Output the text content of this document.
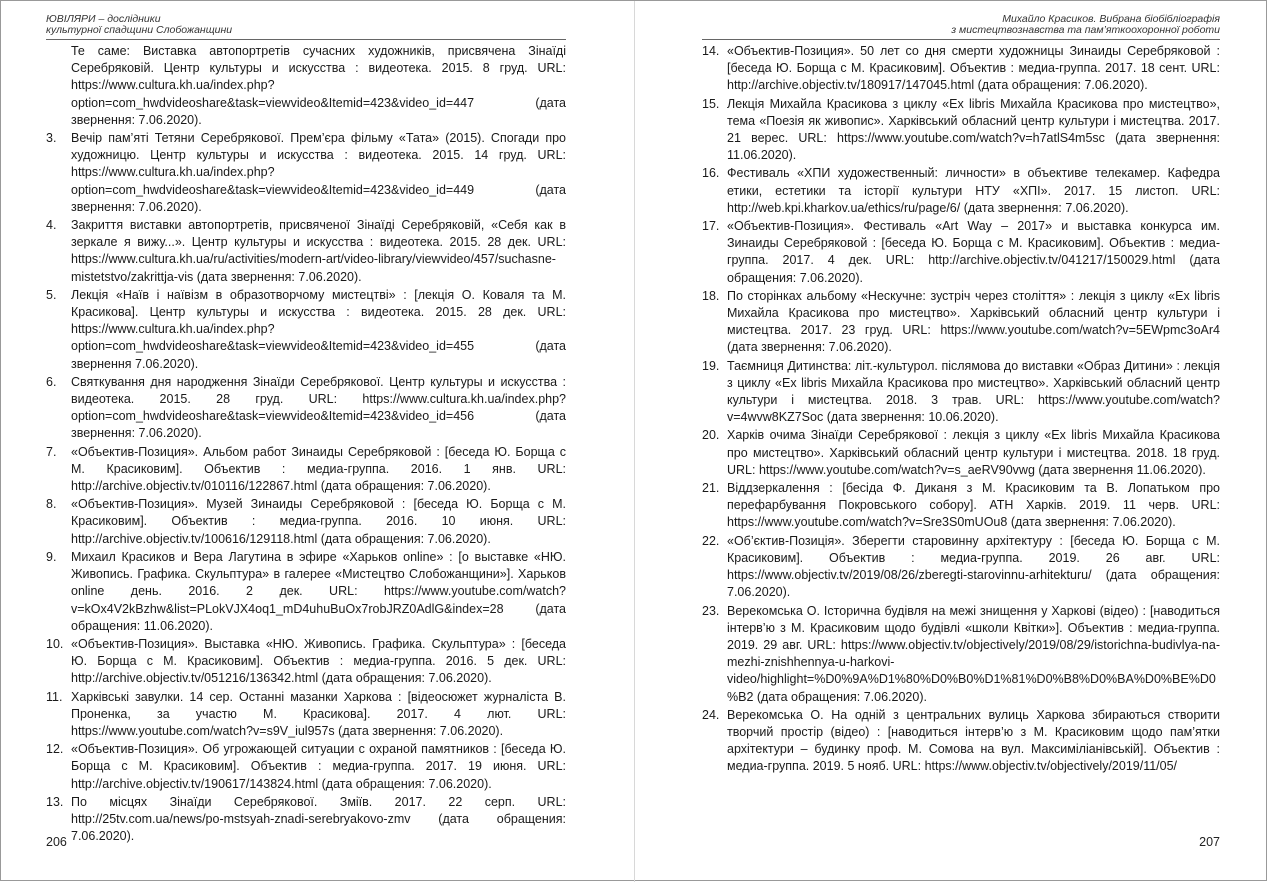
ЮВІЛЯРИ – дослідники
культурної спадщини Слобожанщини
Те саме: Виставка автопортретів сучасних художників, присвячена Зінаїді Серебряковій. Центр культуры и искусства : видеотека. 2015. 8 груд. URL: https://www.cultura.kh.ua/index.php?option=com_hwdvideoshare&task=viewvideo&Itemid=423&video_id=447 (дата звернення: 7.06.2020).
3. Вечір пам’яті Тетяни Серебрякової. Прем’єра фільму «Тата» (2015). Спогади про художницю. Центр культуры и искусства : видеотека. 2015. 14 груд. URL: https://www.cultura.kh.ua/index.php?option=com_hwdvideoshare&task=viewvideo&Itemid=423&video_id=449 (дата звернення: 7.06.2020).
4. Закриття виставки автопортретів, присвяченої Зінаїді Серебряковій, «Себя как в зеркале я вижу...». Центр культуры и искусства : видеотека. 2015. 28 дек. URL: https://www.cultura.kh.ua/ru/activities/modern-art/video-library/viewvideo/457/suchasne-mistetstvo/zakrittja-vis (дата звернення: 7.06.2020).
5. Лекція «Наїв і наївізм в образотворчому мистецтві» : [лекція О. Коваля та М. Красикова]. Центр культуры и искусства : видеотека. 2015. 28 дек. URL: https://www.cultura.kh.ua/index.php?option=com_hwdvideoshare&task=viewvideo&Itemid=423&video_id=455 (дата звернення 7.06.2020).
6. Святкування дня народження Зінаїди Серебрякової. Центр культуры и искусства : видеотека. 2015. 28 груд. URL: https://www.cultura.kh.ua/index.php?option=com_hwdvideoshare&task=viewvideo&Itemid=423&video_id=456 (дата звернення: 7.06.2020).
7. «Объектив-Позиция». Альбом работ Зинаиды Серебряковой : [беседа Ю. Борща с М. Красиковим]. Объектив : медиа-группа. 2016. 1 янв. URL: http://archive.objectiv.tv/010116/122867.html (дата обращения: 7.06.2020).
8. «Объектив-Позиция». Музей Зинаиды Серебряковой : [беседа Ю. Борща с М. Красиковим]. Объектив : медиа-группа. 2016. 10 июня. URL: http://archive.objectiv.tv/100616/129118.html (дата обращения: 7.06.2020).
9. Михаил Красиков и Вера Лагутина в эфире «Харьков online» : [о выставке «НЮ. Живопись. Графика. Скульптура» в галерее «Мистецтво Слобожанщини»]. Харьков online день. 2016. 2 дек. URL: https://www.youtube.com/watch?v=kOx4V2kBzhw&list=PLokVJX4oq1_mD4uhuBuOx7robJRZ0AdlG&index=28 (дата обращения: 11.06.2020).
10. «Объектив-Позиция». Выставка «НЮ. Живопись. Графика. Скульптура» : [беседа Ю. Борща с М. Красиковим]. Объектив : медиа-группа. 2016. 5 дек. URL: http://archive.objectiv.tv/051216/136342.html (дата обращения: 7.06.2020).
11. Харківські завулки. 14 сер. Останні мазанки Харкова : [відеосюжет журналіста В. Проненка, за участю М. Красикова]. 2017. 4 лют. URL: https://www.youtube.com/watch?v=s9V_iul957s (дата звернення: 7.06.2020).
12. «Объектив-Позиция». Об угрожающей ситуации с охраной памятников : [беседа Ю. Борща с М. Красиковим]. Объектив : медиа-группа. 2017. 19 июня. URL: http://archive.objectiv.tv/190617/143824.html (дата обращения: 7.06.2020).
13. По місцях Зінаїди Серебрякової. Зміїв. 2017. 22 серп. URL: http://25tv.com.ua/news/po-mstsyah-znadi-serebryakovo-zmv (дата обращения: 7.06.2020).
206
Михайло Красиков. Вибрана біобібліографія
з мистецтвознавства та пам’яткоохоронної роботи
14. «Объектив-Позиция». 50 лет со дня смерти художницы Зинаиды Серебряковой : [беседа Ю. Борща с М. Красиковим]. Объектив : медиа-группа. 2017. 18 сент. URL: http://archive.objectiv.tv/180917/147045.html (дата обращения: 7.06.2020).
15. Лекція Михайла Красикова з циклу «Ex libris Михайла Красикова про мистецтво», тема «Поезія як живопис». Харківський обласний центр культури і мистецтва. 2017. 21 верес. URL: https://www.youtube.com/watch?v=h7atlS4m5sc (дата звернення: 11.06.2020).
16. Фестиваль «ХПИ художественный: личности» в объективе телекамер. Кафедра етики, естетики та історії культури НТУ «ХПІ». 2017. 15 листоп. URL: http://web.kpi.kharkov.ua/ethics/ru/page/6/ (дата звернення: 7.06.2020).
17. «Объектив-Позиция». Фестиваль «Art Way – 2017» и выставка конкурса им. Зинаиды Серебряковой : [беседа Ю. Борща с М. Красиковим]. Объектив : медиа-группа. 2017. 4 дек. URL: http://archive.objectiv.tv/041217/150029.html (дата обращения: 7.06.2020).
18. По сторінках альбому «Нескучне: зустріч через століття» : лекція з циклу «Ex libris Михайла Красикова про мистецтво». Харківський обласний центр культури і мистецтва. 2017. 23 груд. URL: https://www.youtube.com/watch?v=5EWpmc3oAr4 (дата звернення: 7.06.2020).
19. Таємниця Дитинства: літ.-культурол. післямова до виставки «Образ Дитини» : лекція з циклу «Ex libris Михайла Красикова про мистецтво». Харківський обласний центр культури і мистецтва. 2018. 3 трав. URL: https://www.youtube.com/watch?v=4wvw8KZ7Soc (дата звернення: 10.06.2020).
20. Харків очима Зінаїди Серебрякової : лекція з циклу «Ex libris Михайла Красикова про мистецтво». Харківський обласний центр культури і мистецтва. 2018. 18 груд. URL: https://www.youtube.com/watch?v=s_aeRV90vwg (дата звернення 11.06.2020).
21. Віддзеркалення : [бесіда Ф. Диканя з М. Красиковим та В. Лопатьком про перефарбування Покровського собору]. АТН Харків. 2019. 11 черв. URL: https://www.youtube.com/watch?v=Sre3S0mUOu8 (дата звернення: 7.06.2020).
22. «Об’єктив-Позиція». Зберегти старовинну архітектуру : [беседа Ю. Борща с М. Красиковим]. Объектив : медиа-группа. 2019. 26 авг. URL: https://www.objectiv.tv/2019/08/26/zberegti-starovinnu-arhitekturu/ (дата обращения: 7.06.2020).
23. Верекомська О. Історична будівля на межі знищення у Харкові (відео) : [наводиться інтерв’ю з М. Красиковим щодо будівлі «школи Квітки»]. Объектив : медиа-группа. 2019. 29 авг. URL: https://www.objectiv.tv/objectively/2019/08/29/istorichna-budivlya-na-mezhi-znishhennya-u-harkovi-video/highlight=%D0%9A%D1%80%D0%B0%D1%81%D0%B8%D0%BA%D0%BE%D0%B2 (дата обращения: 7.06.2020).
24. Верекомська О. На одній з центральних вулиць Харкова збираються створити творчий простір (відео) : [наводиться інтерв’ю з М. Красиковим щодо пам’ятки архітектури – будинку проф. М. Сомова на вул. Максиміліанівській]. Объектив : медиа-группа. 2019. 5 нояб. URL: https://www.objectiv.tv/objectively/2019/11/05/
207
